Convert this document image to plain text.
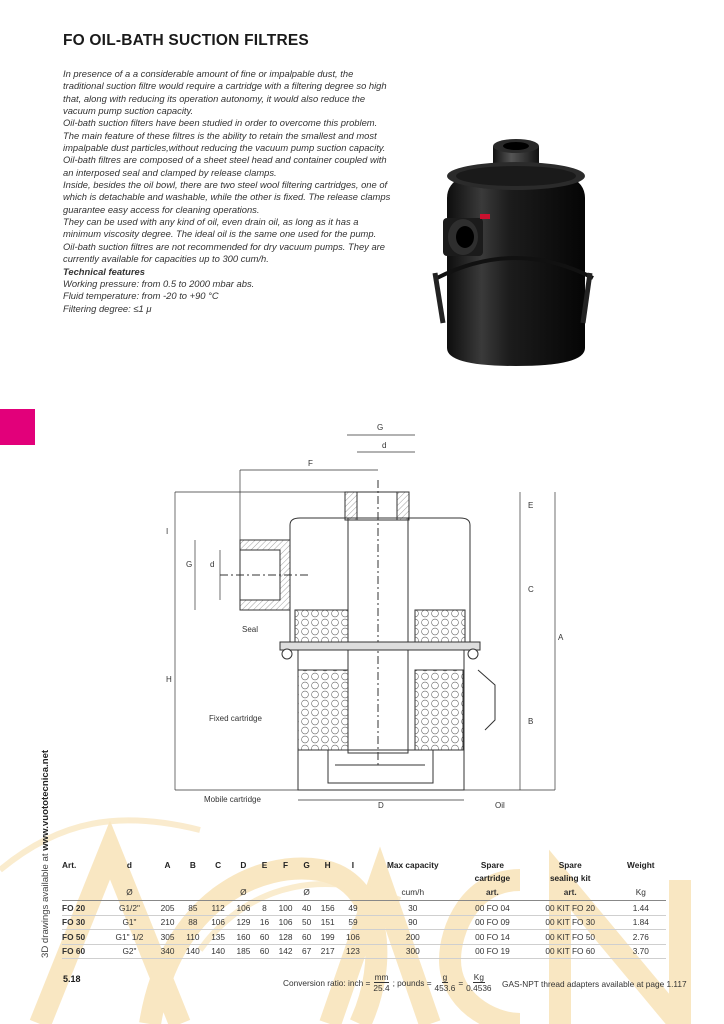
FO OIL-BATH SUCTION FILTRES

In presence of a a considerable amount of fine or impalpable dust, the traditional suction filtre would require a cartridge with a filtering degree so high that, along with reducing its operation autonomy, it would also reduce the vacuum pump suction capacity.

Oil-bath suction filters have been studied in order to overcome this problem.

The main feature of these filtres is the ability to retain the smallest and most impalpable dust particles,without reducing the vacuum pump suction capacity.

Oil-bath filtres are composed of a sheet steel head and container coupled with an interposed seal and clamped by release clamps.

Inside, besides the oil bowl, there are two steel wool filtering cartridges, one of which is detachable and washable, while the other is fixed. The release clamps guarantee easy access for cleaning operations.

They can be used with any kind of oil, even drain oil, as long as it has a minimum viscosity degree. The ideal oil is the same one used for the pump.

Oil-bath suction filtres are not recommended for dry vacuum pumps. They are currently available for capacities up to 300 cum/h.

Technical features

Working pressure: from 0.5 to 2000 mbar abs.

Fluid temperature: from -20 to +90 °C

Filtering degree: ≤1 μ

3D drawings available at www.vuototecnica.net
G
d
F
E
I
G d
C
A
H
B
D
Seal
Fixed cartridge
Mobile cartridge
Oil
Art.	d	A	B	C	D	E	F	G	H	I	Max capacity	Spare	Spare	Weight
												cartridge	sealing kit	
	Ø				Ø			Ø			cum/h	art.	art.	Kg
FO 20	G1/2"	205	85	112	106	8	100	40	156	49	30	00 FO 04	00 KIT FO 20	1.44
FO 30	G1"	210	88	106	129	16	106	50	151	59	90	00 FO 09	00 KIT FO 30	1.84
FO 50	G1" 1/2	305	110	135	160	60	128	60	199	106	200	00 FO 14	00 KIT FO 50	2.76
FO 60	G2"	340	140	140	185	60	142	67	217	123	300	00 FO 19	00 KIT FO 60	3.70
5.18	Conversion ratio: inch = $\frac{mm}{25.4}$ ; pounds = $\frac{g}{453.6} = \frac{Kg}{0.4536} GAS-NPT$ thread adapters available at page 1.117
